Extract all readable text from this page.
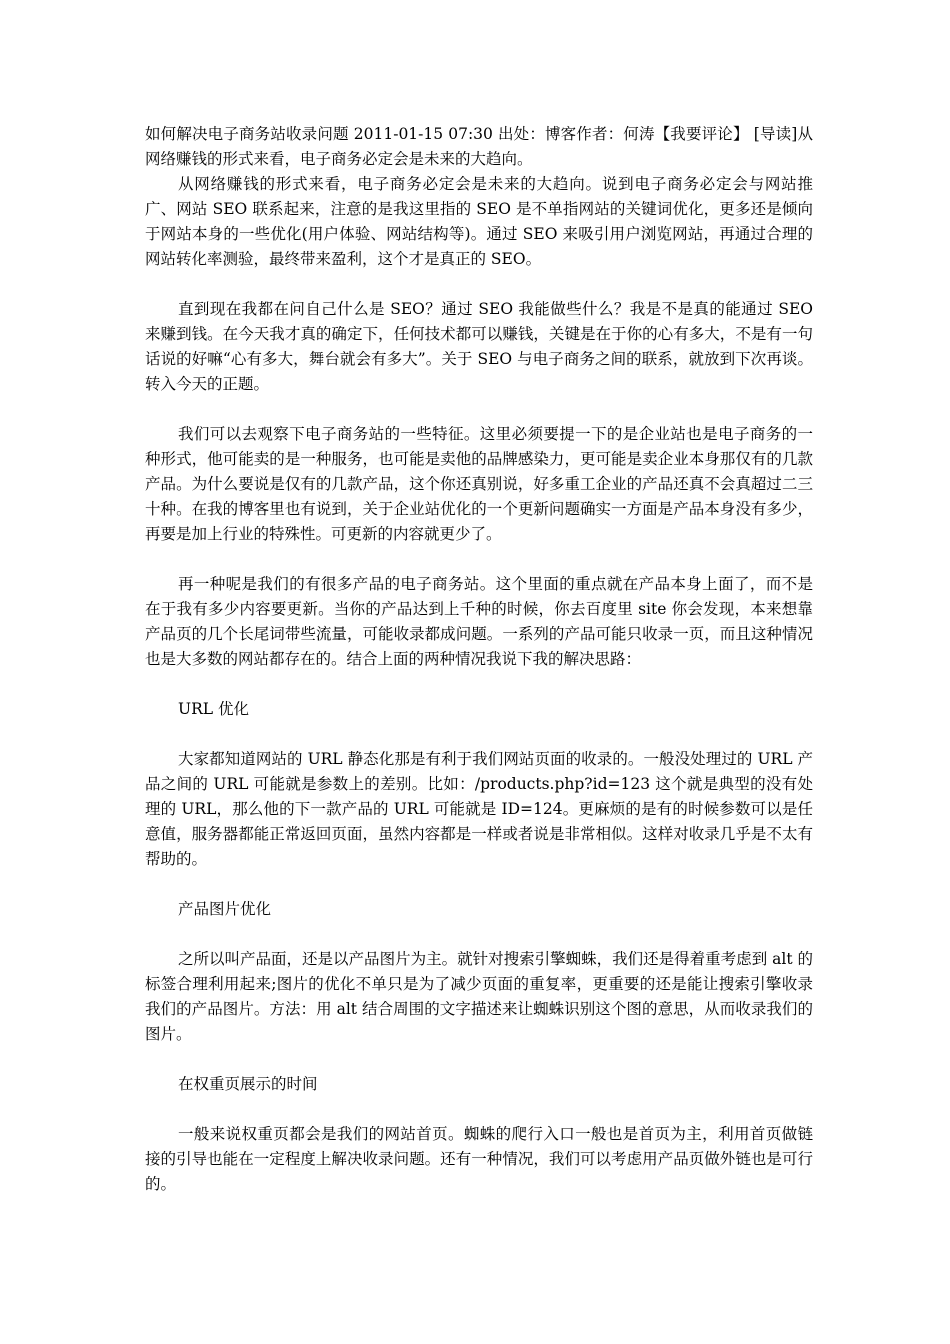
如何解决电子商务站收录问题 2011-01-15 07:30 出处：博客作者：何涛【我要评论】 [导读]从网络赚钱的形式来看，电子商务必定会是未来的大趋向。

从网络赚钱的形式来看，电子商务必定会是未来的大趋向。说到电子商务必定会与网站推广、网站 SEO 联系起来，注意的是我这里指的 SEO 是不单指网站的关键词优化，更多还是倾向于网站本身的一些优化(用户体验、网站结构等)。通过 SEO 来吸引用户浏览网站，再通过合理的网站转化率测验，最终带来盈利，这个才是真正的 SEO。

直到现在我都在问自己什么是 SEO？通过 SEO 我能做些什么？我是不是真的能通过 SEO 来赚到钱。在今天我才真的确定下，任何技术都可以赚钱，关键是在于你的心有多大，不是有一句话说的好嘛“心有多大，舞台就会有多大”。关于 SEO 与电子商务之间的联系，就放到下次再谈。转入今天的正题。

我们可以去观察下电子商务站的一些特征。这里必须要提一下的是企业站也是电子商务的一种形式，他可能卖的是一种服务，也可能是卖他的品牌感染力，更可能是卖企业本身那仅有的几款产品。为什么要说是仅有的几款产品，这个你还真别说，好多重工企业的产品还真不会真超过二三十种。在我的博客里也有说到，关于企业站优化的一个更新问题确实一方面是产品本身没有多少，再要是加上行业的特殊性。可更新的内容就更少了。

再一种呢是我们的有很多产品的电子商务站。这个里面的重点就在产品本身上面了，而不是在于我有多少内容要更新。当你的产品达到上千种的时候，你去百度里 site 你会发现，本来想靠产品页的几个长尾词带些流量，可能收录都成问题。一系列的产品可能只收录一页，而且这种情况也是大多数的网站都存在的。结合上面的两种情况我说下我的解决思路：

URL 优化

大家都知道网站的 URL 静态化那是有利于我们网站页面的收录的。一般没处理过的 URL 产品之间的 URL 可能就是参数上的差别。比如：/products.php?id=123 这个就是典型的没有处理的 URL，那么他的下一款产品的 URL 可能就是 ID=124。更麻烦的是有的时候参数可以是任意值，服务器都能正常返回页面，虽然内容都是一样或者说是非常相似。这样对收录几乎是不太有帮助的。

产品图片优化

之所以叫产品面，还是以产品图片为主。就针对搜索引擎蜘蛛，我们还是得着重考虑到 alt 的标签合理利用起来;图片的优化不单只是为了减少页面的重复率，更重要的还是能让搜索引擎收录我们的产品图片。方法：用 alt 结合周围的文字描述来让蜘蛛识别这个图的意思，从而收录我们的图片。

在权重页展示的时间

一般来说权重页都会是我们的网站首页。蜘蛛的爬行入口一般也是首页为主，利用首页做链接的引导也能在一定程度上解决收录问题。还有一种情况，我们可以考虑用产品页做外链也是可行的。
